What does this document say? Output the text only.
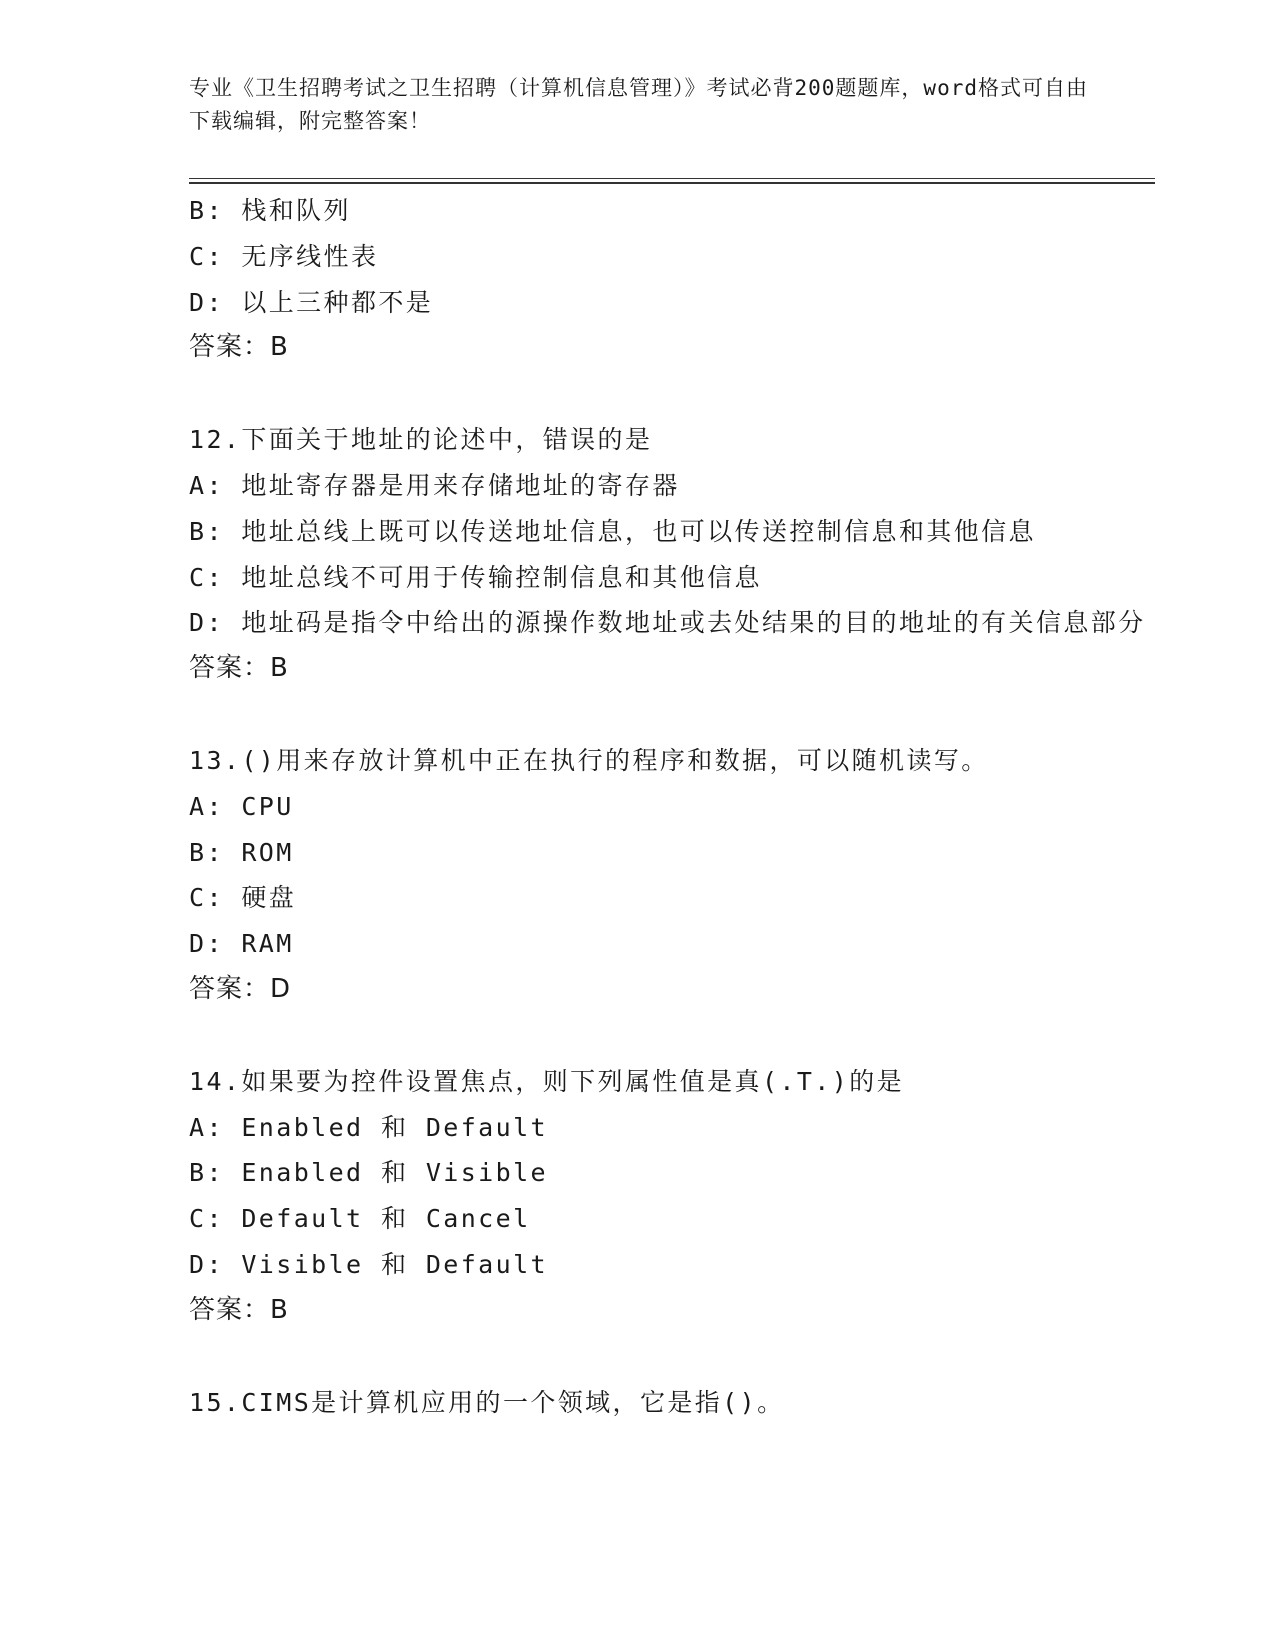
专业《卫生招聘考试之卫生招聘（计算机信息管理）》考试必背200题题库，word格式可自由下载编辑，附完整答案！
B: 栈和队列
C: 无序线性表
D: 以上三种都不是
答案：B
12.下面关于地址的论述中，错误的是
A: 地址寄存器是用来存储地址的寄存器
B: 地址总线上既可以传送地址信息，也可以传送控制信息和其他信息
C: 地址总线不可用于传输控制信息和其他信息
D: 地址码是指令中给出的源操作数地址或去处结果的目的地址的有关信息部分
答案：B
13.()用来存放计算机中正在执行的程序和数据，可以随机读写。
A: CPU
B: ROM
C: 硬盘
D: RAM
答案：D
14.如果要为控件设置焦点，则下列属性值是真(.T.)的是
A: Enabled 和 Default
B: Enabled 和 Visible
C: Default 和 Cancel
D: Visible 和 Default
答案：B
15.CIMS是计算机应用的一个领域，它是指()。
